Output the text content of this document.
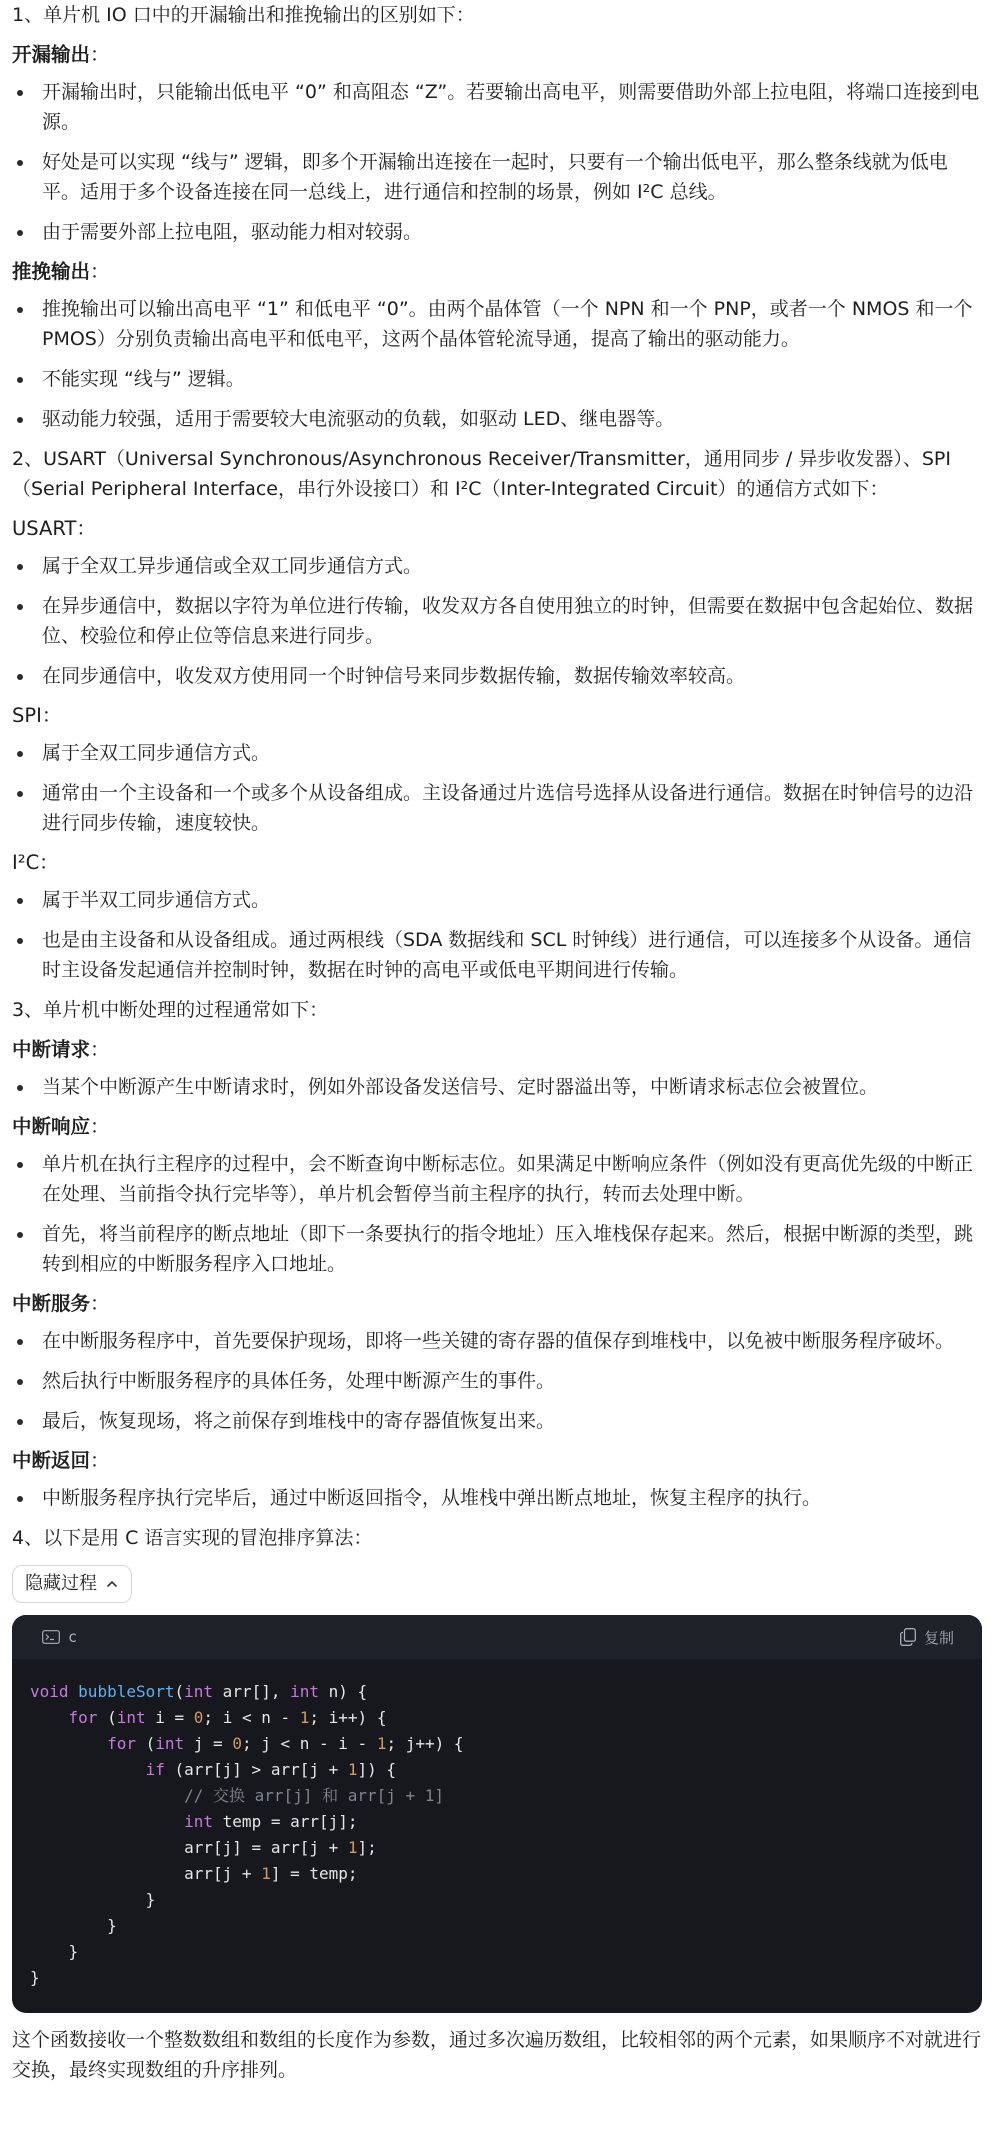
1、单片机 IO 口中的开漏输出和推挽输出的区别如下：

开漏输出：
开漏输出时，只能输出低电平 “0” 和高阻态 “Z”。若要输出高电平，则需要借助外部上拉电阻，将端口连接到电源。
好处是可以实现 “线与” 逻辑，即多个开漏输出连接在一起时，只要有一个输出低电平，那么整条线就为低电平。适用于多个设备连接在同一总线上，进行通信和控制的场景，例如 I²C 总线。
由于需要外部上拉电阻，驱动能力相对较弱。
推挽输出：
推挽输出可以输出高电平 “1” 和低电平 “0”。由两个晶体管（一个 NPN 和一个 PNP，或者一个 NMOS 和一个 PMOS）分别负责输出高电平和低电平，这两个晶体管轮流导通，提高了输出的驱动能力。
不能实现 “线与” 逻辑。
驱动能力较强，适用于需要较大电流驱动的负载，如驱动 LED、继电器等。

2、USART（Universal Synchronous/Asynchronous Receiver/Transmitter，通用同步 / 异步收发器）、SPI（Serial Peripheral Interface，串行外设接口）和 I²C（Inter-Integrated Circuit）的通信方式如下：

USART：
属于全双工异步通信或全双工同步通信方式。
在异步通信中，数据以字符为单位进行传输，收发双方各自使用独立的时钟，但需要在数据中包含起始位、数据位、校验位和停止位等信息来进行同步。
在同步通信中，收发双方使用同一个时钟信号来同步数据传输，数据传输效率较高。
SPI：
属于全双工同步通信方式。
通常由一个主设备和一个或多个从设备组成。主设备通过片选信号选择从设备进行通信。数据在时钟信号的边沿进行同步传输，速度较快。
I²C：
属于半双工同步通信方式。
也是由主设备和从设备组成。通过两根线（SDA 数据线和 SCL 时钟线）进行通信，可以连接多个从设备。通信时主设备发起通信并控制时钟，数据在时钟的高电平或低电平期间进行传输。

3、单片机中断处理的过程通常如下：

中断请求：
当某个中断源产生中断请求时，例如外部设备发送信号、定时器溢出等，中断请求标志位会被置位。
中断响应：
单片机在执行主程序的过程中，会不断查询中断标志位。如果满足中断响应条件（例如没有更高优先级的中断正在处理、当前指令执行完毕等），单片机会暂停当前主程序的执行，转而去处理中断。
首先，将当前程序的断点地址（即下一条要执行的指令地址）压入堆栈保存起来。然后，根据中断源的类型，跳转到相应的中断服务程序入口地址。
中断服务：
在中断服务程序中，首先要保护现场，即将一些关键的寄存器的值保存到堆栈中，以免被中断服务程序破坏。
然后执行中断服务程序的具体任务，处理中断源产生的事件。
最后，恢复现场，将之前保存到堆栈中的寄存器值恢复出来。
中断返回：
中断服务程序执行完毕后，通过中断返回指令，从堆栈中弹出断点地址，恢复主程序的执行。

4、以下是用 C 语言实现的冒泡排序算法：

隐藏过程
c	复制
void bubbleSort(int arr[], int n) {
for (int i = 0; i < n - 1; i++) {
for (int j = 0; j < n - i - 1; j++) {
if (arr[j] > arr[j + 1]) {
// 交换 arr[j] 和 arr[j + 1]
int temp = arr[j];
arr[j] = arr[j + 1];
arr[j + 1] = temp;
}
}
}
}

这个函数接收一个整数数组和数组的长度作为参数，通过多次遍历数组，比较相邻的两个元素，如果顺序不对就进行交换，最终实现数组的升序排列。
